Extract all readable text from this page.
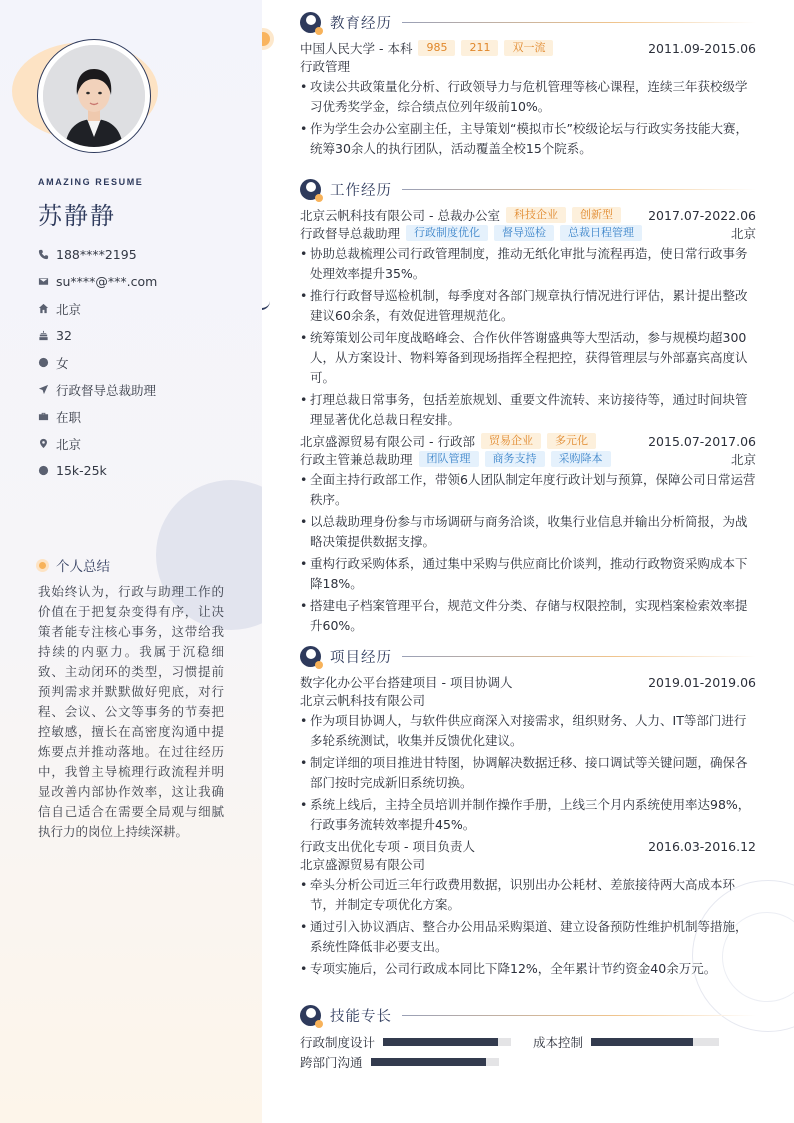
AMAZING RESUME
苏静静
188****2195
su****@***.com
北京
32
女
行政督导总裁助理
在职
北京
15k-25k
个人总结
我始终认为，行政与助理工作的价值在于把复杂变得有序，让决策者能专注核心事务，这带给我持续的内驱力。我属于沉稳细致、主动闭环的类型，习惯提前预判需求并默默做好兜底，对行程、会议、公文等事务的节奏把控敏感，擅长在高密度沟通中提炼要点并推动落地。在过往经历中，我曾主导梳理行政流程并明显改善内部协作效率，这让我确信自己适合在需要全局观与细腻执行力的岗位上持续深耕。
教育经历
中国人民大学 - 本科	985	211	双一流	2011.09-2015.06
行政管理
• 攻读公共政策量化分析、行政领导力与危机管理等核心课程，连续三年获校级学习优秀奖学金，综合绩点位列年级前10%。
• 作为学生会办公室副主任，主导策划“模拟市长”校级论坛与行政实务技能大赛，统筹30余人的执行团队，活动覆盖全校15个院系。
工作经历
北京云帆科技有限公司 - 总裁办公室	科技企业	创新型	2017.07-2022.06
行政督导总裁助理	行政制度优化	督导巡检	总裁日程管理	北京
• 协助总裁梳理公司行政管理制度，推动无纸化审批与流程再造，使日常行政事务处理效率提升35%。
• 推行行政督导巡检机制，每季度对各部门规章执行情况进行评估，累计提出整改建议60余条，有效促进管理规范化。
• 统筹策划公司年度战略峰会、合作伙伴答谢盛典等大型活动，参与规模均超300人，从方案设计、物料筹备到现场指挥全程把控，获得管理层与外部嘉宾高度认可。
• 打理总裁日常事务，包括差旅规划、重要文件流转、来访接待等，通过时间块管理显著优化总裁日程安排。
北京盛源贸易有限公司 - 行政部	贸易企业	多元化	2015.07-2017.06
行政主管兼总裁助理	团队管理	商务支持	采购降本	北京
• 全面主持行政部工作，带领6人团队制定年度行政计划与预算，保障公司日常运营秩序。
• 以总裁助理身份参与市场调研与商务洽谈，收集行业信息并输出分析简报，为战略决策提供数据支撑。
• 重构行政采购体系，通过集中采购与供应商比价谈判，推动行政物资采购成本下降18%。
• 搭建电子档案管理平台，规范文件分类、存储与权限控制，实现档案检索效率提升60%。
项目经历
数字化办公平台搭建项目 - 项目协调人	2019.01-2019.06
北京云帆科技有限公司
• 作为项目协调人，与软件供应商深入对接需求，组织财务、人力、IT等部门进行多轮系统测试，收集并反馈优化建议。
• 制定详细的项目推进甘特图，协调解决数据迁移、接口调试等关键问题，确保各部门按时完成新旧系统切换。
• 系统上线后，主持全员培训并制作操作手册，上线三个月内系统使用率达98%，行政事务流转效率提升45%。
行政支出优化专项 - 项目负责人	2016.03-2016.12
北京盛源贸易有限公司
• 牵头分析公司近三年行政费用数据，识别出办公耗材、差旅接待两大高成本环节，并制定专项优化方案。
• 通过引入协议酒店、整合办公用品采购渠道、建立设备预防性维护机制等措施，系统性降低非必要支出。
• 专项实施后，公司行政成本同比下降12%，全年累计节约资金40余万元。
技能专长
行政制度设计	成本控制
跨部门沟通
